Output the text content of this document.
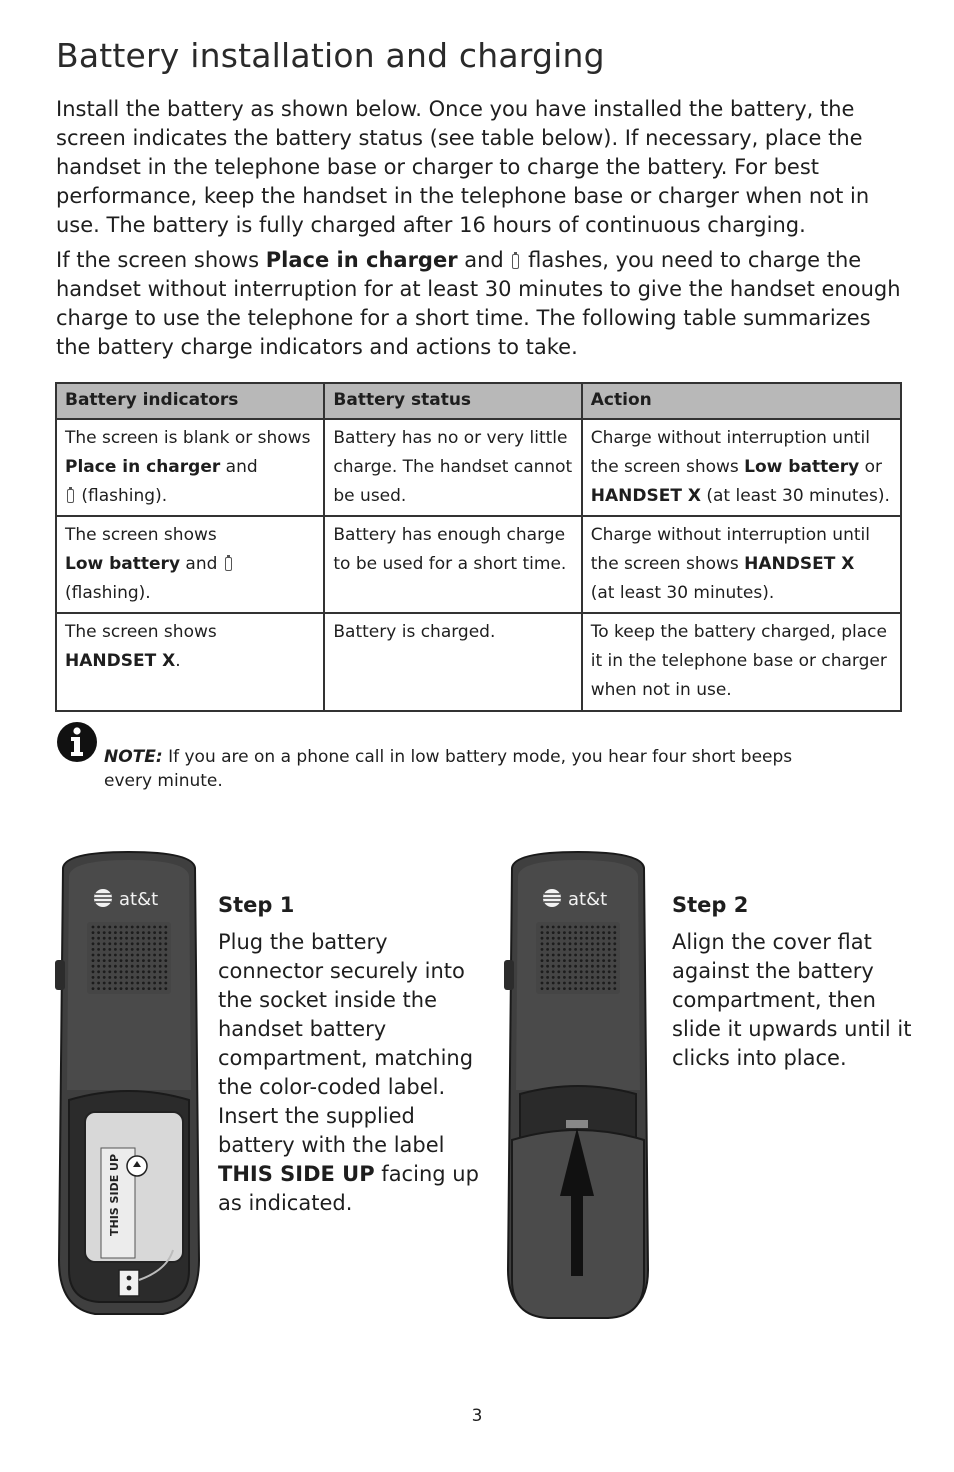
Battery installation and charging

Install the battery as shown below. Once you have installed the battery, the screen indicates the battery status (see table below). If necessary, place the handset in the telephone base or charger to charge the battery. For best performance, keep the handset in the telephone base or charger when not in use. The battery is fully charged after 16 hours of continuous charging.

If the screen shows Place in charger and  flashes, you need to charge the handset without interruption for at least 30 minutes to give the handset enough charge to use the telephone for a short time. The following table summarizes the battery charge indicators and actions to take.

Battery indicators	Battery status	Action
The screen is blank or shows Place in charger and
(flashing).	Battery has no or very little charge. The handset cannot be used.	Charge without interruption until the screen shows Low battery or HANDSET X (at least 30 minutes).
The screen shows
Low battery and  (flashing).	Battery has enough charge to be used for a short time.	Charge without interruption until the screen shows HANDSET X
(at least 30 minutes).
The screen shows
HANDSET X.	Battery is charged.	To keep the battery charged, place it in the telephone base or charger when not in use.

NOTE: If you are on a phone call in low battery mode, you hear four short beeps every minute.

at&t
THIS SIDE UP
at&t
Step 1

Plug the battery connector securely into the socket inside the handset battery compartment, matching the color-coded label. Insert the supplied battery with the label THIS SIDE UP facing up as indicated.

Step 2

Align the cover flat against the battery compartment, then slide it upwards until it clicks into place.

3
